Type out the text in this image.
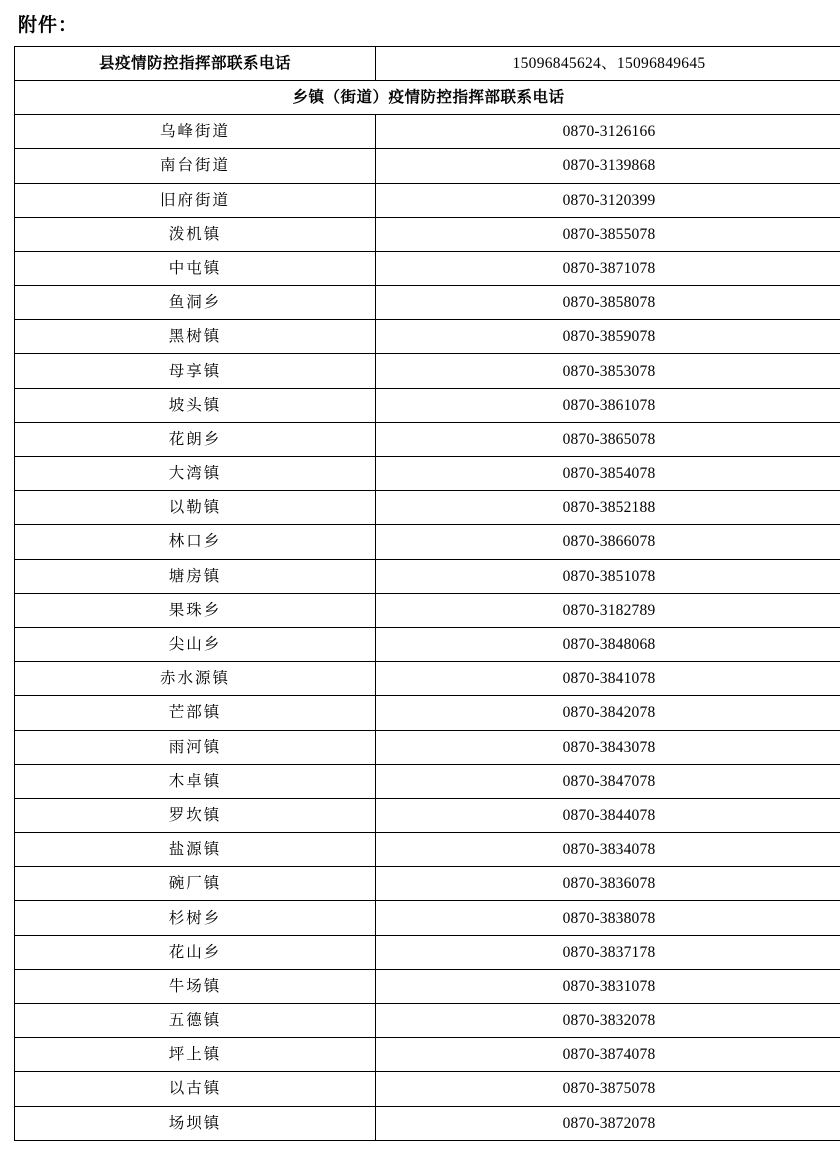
附件：
县疫情防控指挥部联系电话	15096845624、15096849645
乡镇（街道）疫情防控指挥部联系电话	
乌峰街道	0870-3126166
南台街道	0870-3139868
旧府街道	0870-3120399
泼机镇	0870-3855078
中屯镇	0870-3871078
鱼洞乡	0870-3858078
黑树镇	0870-3859078
母享镇	0870-3853078
坡头镇	0870-3861078
花朗乡	0870-3865078
大湾镇	0870-3854078
以勒镇	0870-3852188
林口乡	0870-3866078
塘房镇	0870-3851078
果珠乡	0870-3182789
尖山乡	0870-3848068
赤水源镇	0870-3841078
芒部镇	0870-3842078
雨河镇	0870-3843078
木卓镇	0870-3847078
罗坎镇	0870-3844078
盐源镇	0870-3834078
碗厂镇	0870-3836078
杉树乡	0870-3838078
花山乡	0870-3837178
牛场镇	0870-3831078
五德镇	0870-3832078
坪上镇	0870-3874078
以古镇	0870-3875078
场坝镇	0870-3872078
